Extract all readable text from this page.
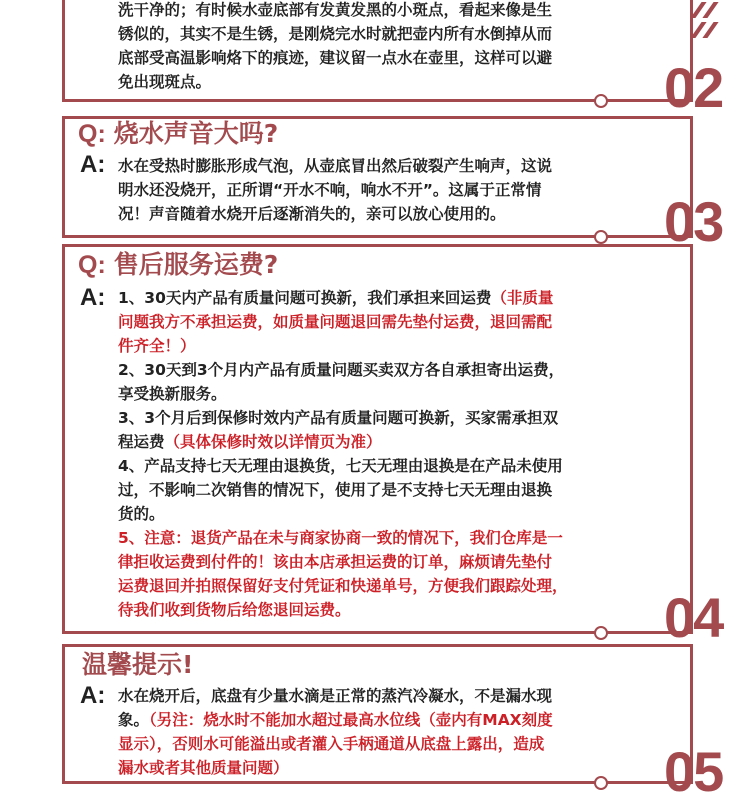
洗干净的；有时候水壶底部有发黄发黑的小斑点，看起来像是生
锈似的，其实不是生锈，是刚烧完水时就把壶内所有水倒掉从而
底部受高温影响烙下的痕迹，建议留一点水在壶里，这样可以避
免出现斑点。	02
Q: 烧水声音大吗?
A: 水在受热时膨胀形成气泡，从壶底冒出然后破裂产生响声，这说
明水还没烧开，正所谓“开水不响，响水不开”。这属于正常情
况！声音随着水烧开后逐渐消失的，亲可以放心使用的。	03
Q: 售后服务运费?
A: 1、30天内产品有质量问题可换新，我们承担来回运费（非质量
问题我方不承担运费，如质量问题退回需先垫付运费，退回需配
件齐全！）
2、30天到3个月内产品有质量问题买卖双方各自承担寄出运费，
享受换新服务。
3、3个月后到保修时效内产品有质量问题可换新，买家需承担双
程运费（具体保修时效以详情页为准）
4、产品支持七天无理由退换货，七天无理由退换是在产品未使用
过，不影响二次销售的情况下，使用了是不支持七天无理由退换
货的。
5、注意：退货产品在未与商家协商一致的情况下，我们仓库是一
律拒收运费到付件的！该由本店承担运费的订单，麻烦请先垫付
运费退回并拍照保留好支付凭证和快递单号，方便我们跟踪处理，
待我们收到货物后给您退回运费。	04
温馨提示!
A: 水在烧开后，底盘有少量水滴是正常的蒸汽冷凝水，不是漏水现
象。（另注：烧水时不能加水超过最高水位线（壶内有MAX刻度
显示），否则水可能溢出或者灌入手柄通道从底盘上露出，造成
漏水或者其他质量问题）	05
